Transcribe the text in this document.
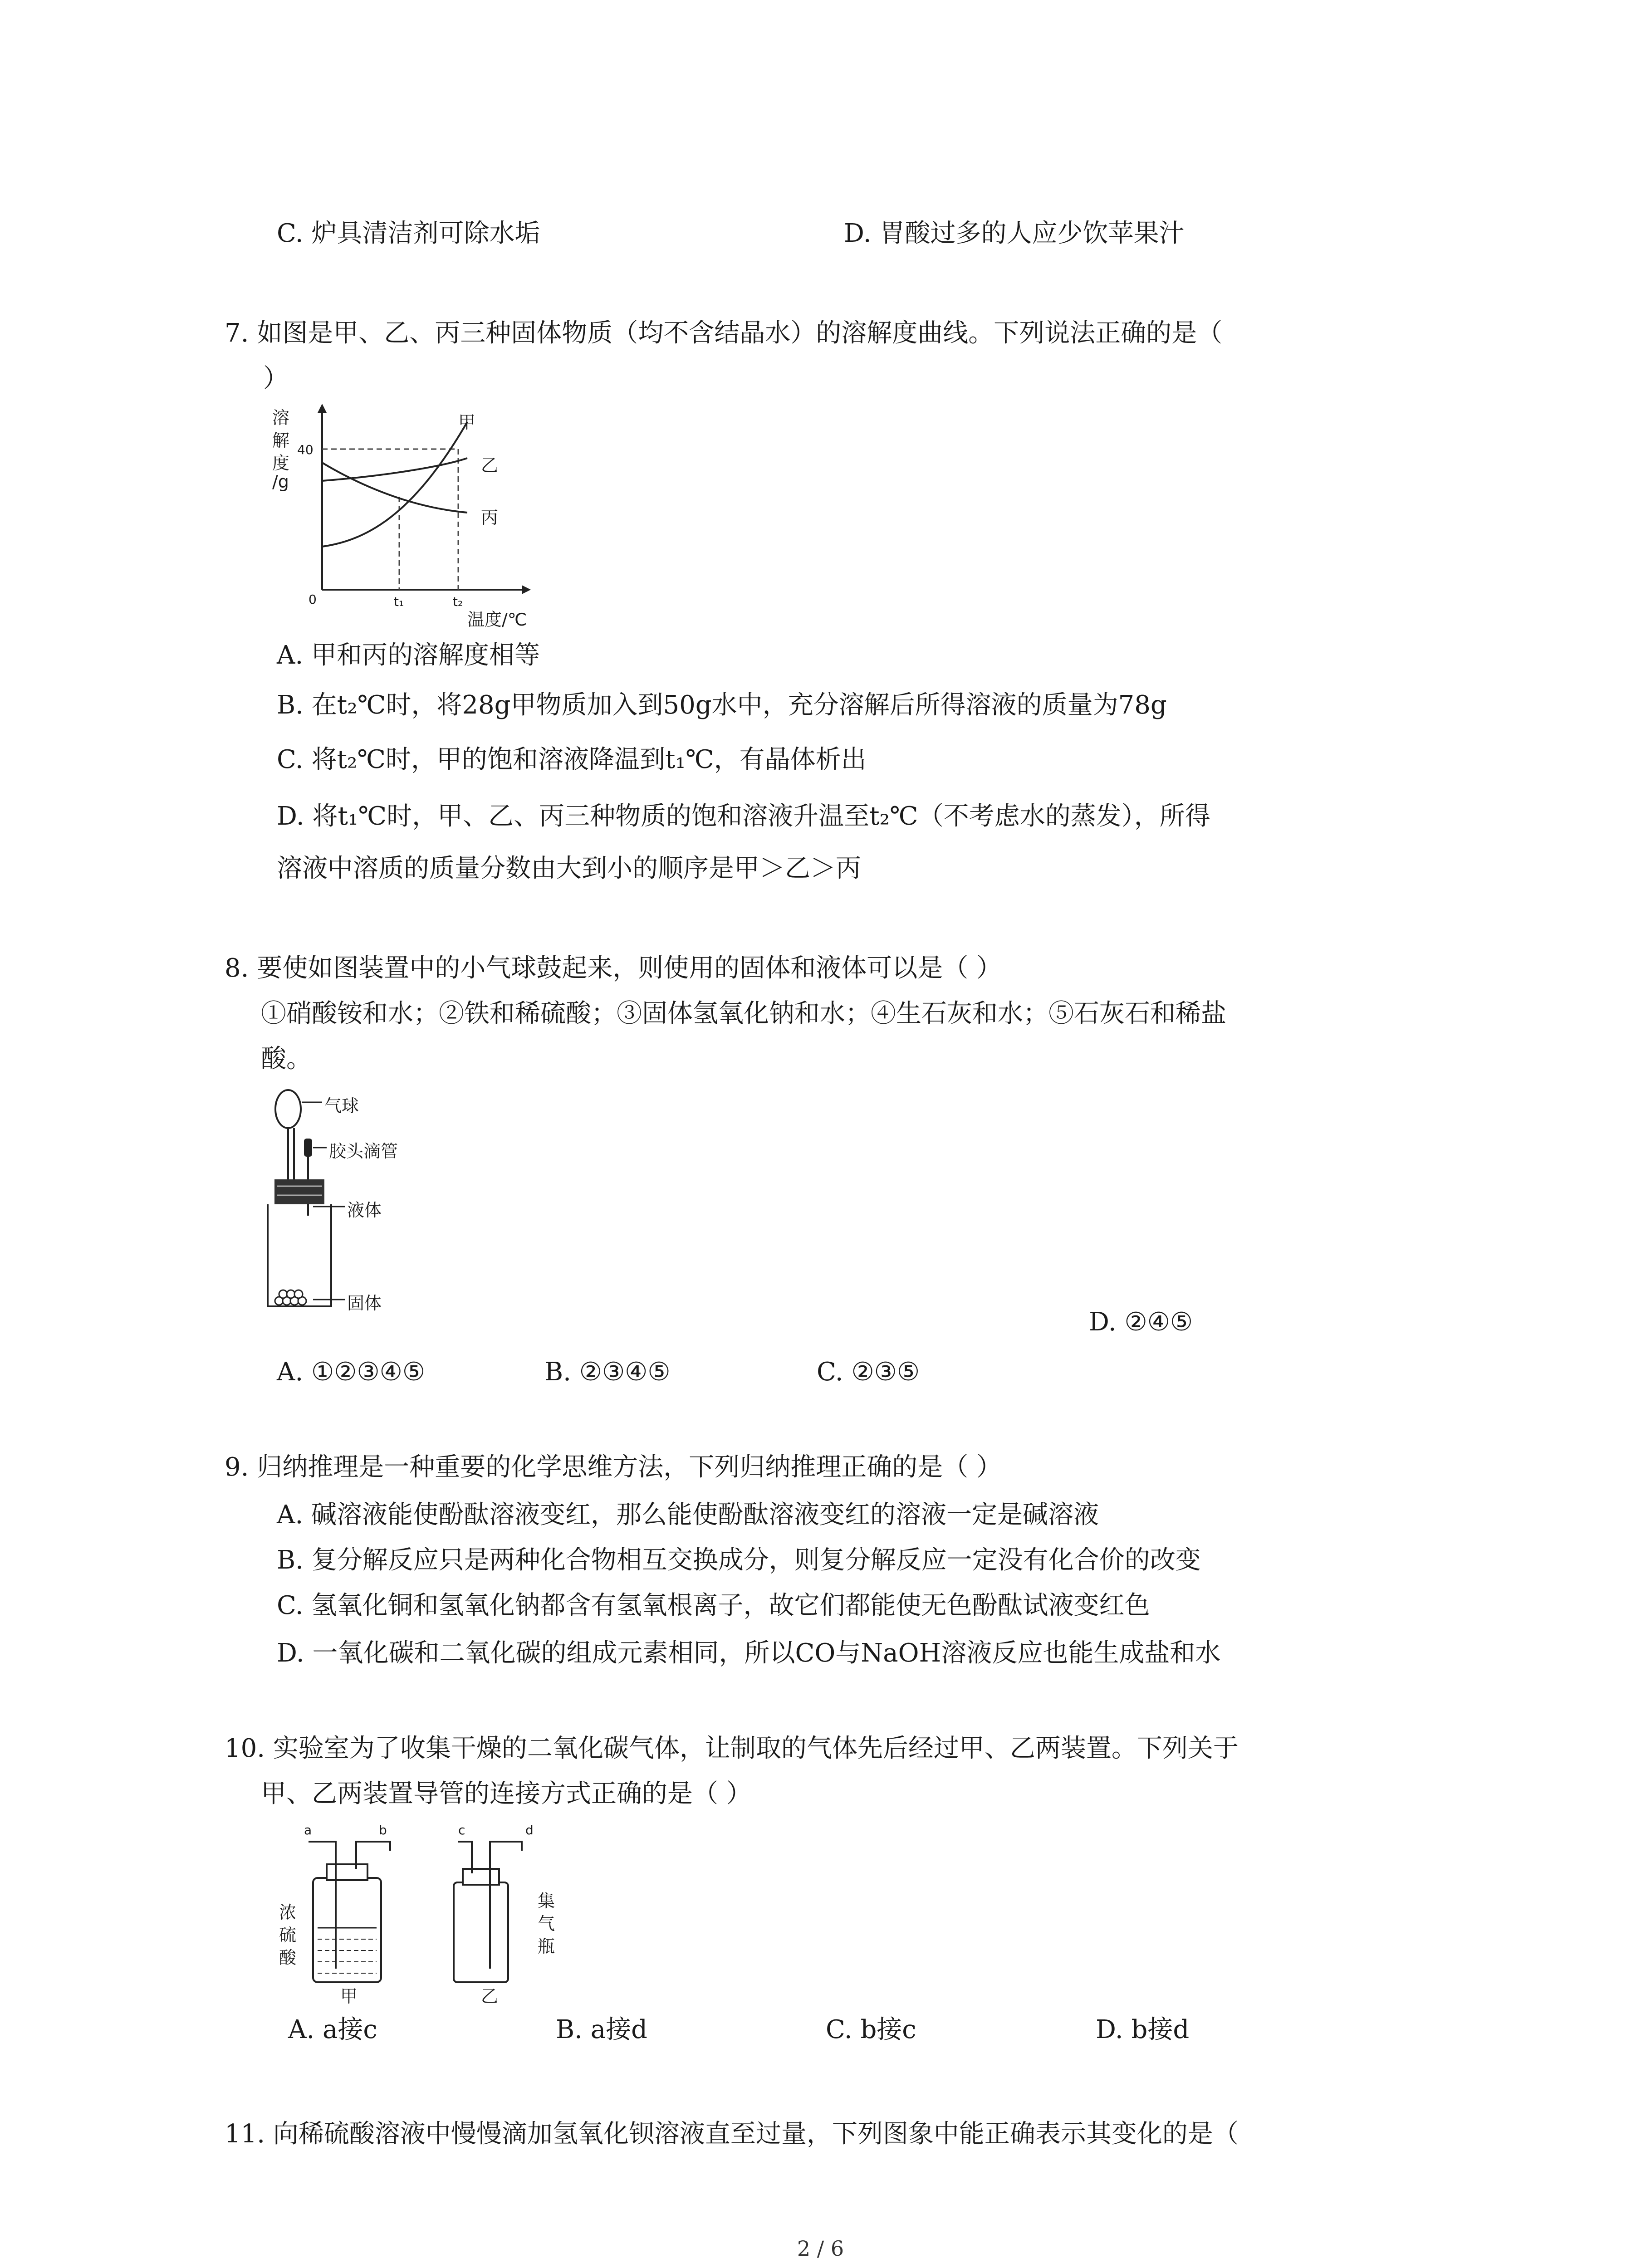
C. 炉具清洁剂可除水垢	D. 胃酸过多的人应少饮苹果汁
7. 如图是甲、乙、丙三种固体物质（均不含结晶水）的溶解度曲线。下列说法正确的是（
）
溶
解
度
/g
40
0	t₁	t₂
温度/℃
甲
乙
丙
A. 甲和丙的溶解度相等
B. 在t₂℃时，将28g甲物质加入到50g水中，充分溶解后所得溶液的质量为78g
C. 将t₂℃时，甲的饱和溶液降温到t₁℃，有晶体析出
D. 将t₁℃时，甲、乙、丙三种物质的饱和溶液升温至t₂℃（不考虑水的蒸发），所得
溶液中溶质的质量分数由大到小的顺序是甲＞乙＞丙
8. 要使如图装置中的小气球鼓起来，则使用的固体和液体可以是（ ）
①硝酸铵和水；②铁和稀硫酸；③固体氢氧化钠和水；④生石灰和水；⑤石灰石和稀盐
酸。
气球
胶头滴管
液体
固体
D. ②④⑤
A. ①②③④⑤	B. ②③④⑤	C. ②③⑤
9. 归纳推理是一种重要的化学思维方法，下列归纳推理正确的是（ ）
A. 碱溶液能使酚酞溶液变红，那么能使酚酞溶液变红的溶液一定是碱溶液
B. 复分解反应只是两种化合物相互交换成分，则复分解反应一定没有化合价的改变
C. 氢氧化铜和氢氧化钠都含有氢氧根离子，故它们都能使无色酚酞试液变红色
D. 一氧化碳和二氧化碳的组成元素相同，所以CO与NaOH溶液反应也能生成盐和水
10. 实验室为了收集干燥的二氧化碳气体，让制取的气体先后经过甲、乙两装置。下列关于
甲、乙两装置导管的连接方式正确的是（ ）
a	b	c	d
浓
硫
酸
集
气
瓶
甲	乙
A. a接c	B. a接d	C. b接c	D. b接d
11. 向稀硫酸溶液中慢慢滴加氢氧化钡溶液直至过量，下列图象中能正确表示其变化的是（
2 / 6
